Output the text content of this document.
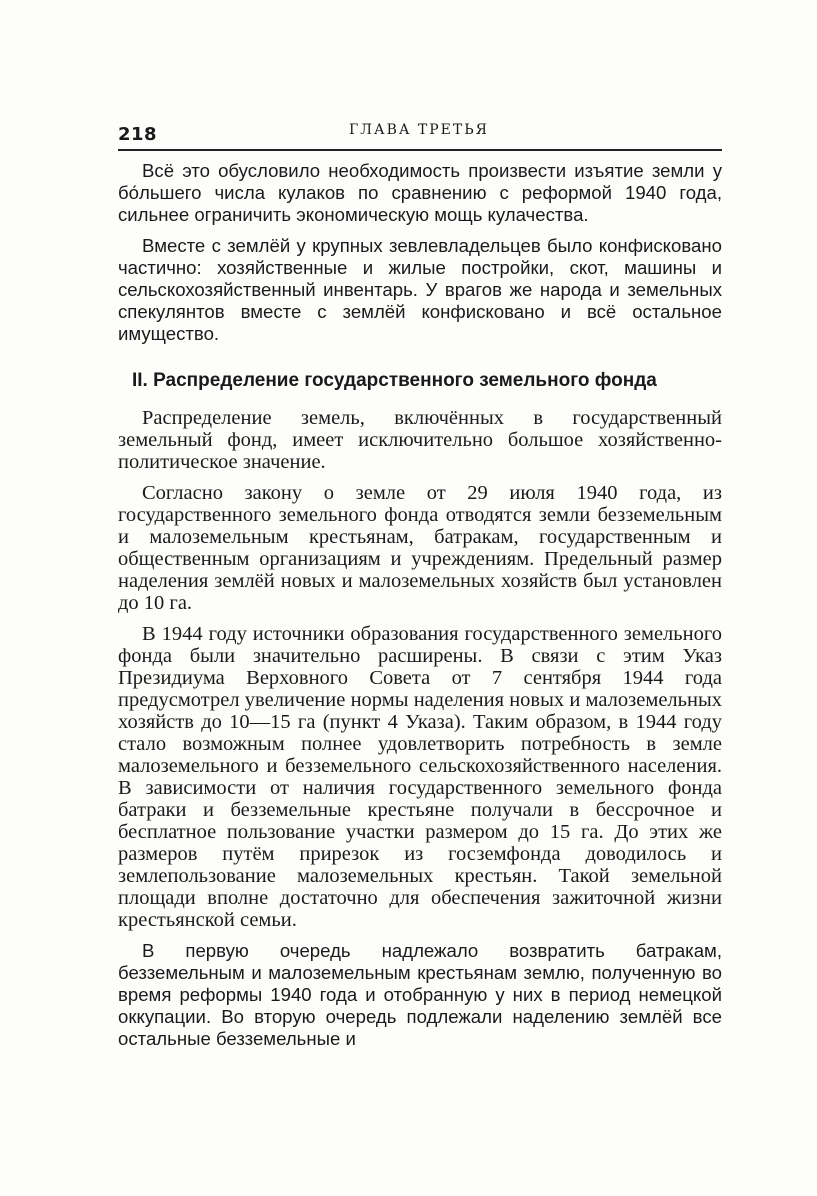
218	ГЛАВА ТРЕТЬЯ

Всё это обусловило необходимость произвести изъятие земли у бо́льшего числа кулаков по сравнению с реформой 1940 года, сильнее ограничить экономическую мощь кулачества.

Вместе с землёй у крупных зевлевладельцев было конфисковано частично: хозяйственные и жилые постройки, скот, машины и сельскохозяйственный инвентарь. У врагов же народа и земельных спекулянтов вместе с землёй конфисковано и всё остальное имущество.

II. Распределение государственного земельного фонда

Распределение земель, включённых в государственный земельный фонд, имеет исключительно большое хозяйственно-политическое значение.

Согласно закону о земле от 29 июля 1940 года, из государственного земельного фонда отводятся земли безземельным и малоземельным крестьянам, батракам, государственным и общественным организациям и учреждениям. Предельный размер наделения землёй новых и малоземельных хозяйств был установлен до 10 га.

В 1944 году источники образования государственного земельного фонда были значительно расширены. В связи с этим Указ Президиума Верховного Совета от 7 сентября 1944 года предусмотрел увеличение нормы наделения новых и малоземельных хозяйств до 10—15 га (пункт 4 Указа). Таким образом, в 1944 году стало возможным полнее удовлетворить потребность в земле малоземельного и безземельного сельскохозяйственного населения. В зависимости от наличия государственного земельного фонда батраки и безземельные крестьяне получали в бессрочное и бесплатное пользование участки размером до 15 га. До этих же размеров путём прирезок из госземфонда доводилось и землепользование малоземельных крестьян. Такой земельной площади вполне достаточно для обеспечения зажиточной жизни крестьянской семьи.

В первую очередь надлежало возвратить батракам, безземельным и малоземельным крестьянам землю, полученную во время реформы 1940 года и отобранную у них в период немецкой оккупации. Во вторую очередь подлежали наделению землёй все остальные безземельные и
